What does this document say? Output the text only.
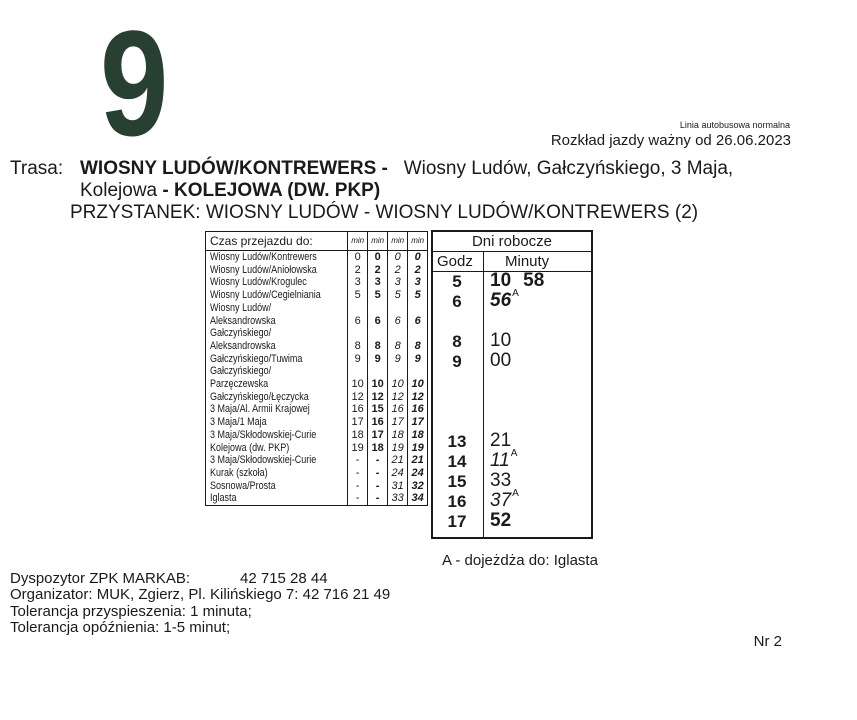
9	Linia autobusowa normalna
Rozkład jazdy ważny od 26.06.2023
Trasa: WIOSNY LUDÓW/KONTREWERS - Wiosny Ludów, Gałczyńskiego, 3 Maja,
Kolejowa - KOLEJOWA (DW. PKP)
PRZYSTANEK: WIOSNY LUDÓW - WIOSNY LUDÓW/KONTREWERS (2)
Czas przejazdu do:	min	min	min	min
Wiosny Ludów/Kontrewers	0	0	0	0
Wiosny Ludów/Aniołowska	2	2	2	2
Wiosny Ludów/Krogulec	3	3	3	3
Wiosny Ludów/Cegielniania	5	5	5	5
Wiosny Ludów/
Aleksandrowska	6	6	6	6
Gałczyńskiego/
Aleksandrowska	8	8	8	8
Gałczyńskiego/Tuwima	9	9	9	9
Gałczyńskiego/
Parzęczewska	10	10	10	10
Gałczyńskiego/Łęczycka	12	12	12	12
3 Maja/Al. Armii Krajowej	16	15	16	16
3 Maja/1 Maja	17	16	17	17
3 Maja/Skłodowskiej-Curie	18	17	18	18
Kolejowa (dw. PKP)	19	18	19	19
3 Maja/Skłodowskiej-Curie	-	-	21	21
Kurak (szkoła)	-	-	24	24
Sosnowa/Prosta	-	-	31	32
Iglasta	-	-	33	34
Dni robocze
Godz Minuty
5	10 58
6	$56^A$
8	10
9	00
13	21
14	$11^A$
15	33
16	$37^A$
17	52
A - dojeżdża do: Iglasta
Dyspozytor ZPK MARKAB:	42 715 28 44
Organizator: MUK, Zgierz, Pl. Kilińskiego 7: 42 716 21 49
Tolerancja przyspieszenia: 1 minuta;
Tolerancja opóźnienia: 1-5 minut;
Nr 2
